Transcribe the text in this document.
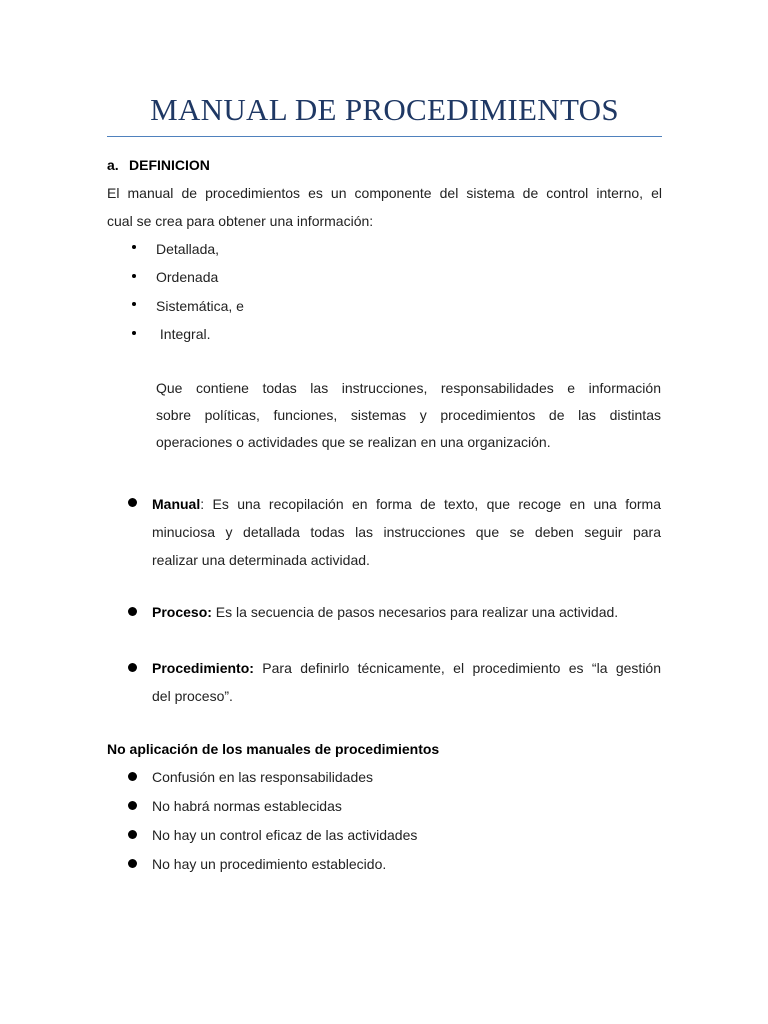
MANUAL DE PROCEDIMIENTOS
a. DEFINICION
El manual de procedimientos es un componente del sistema de control interno, el
cual se crea para obtener una información:
Detallada,
Ordenada
Sistemática, e
Integral.
Que contiene todas las instrucciones, responsabilidades e información
sobre políticas, funciones, sistemas y procedimientos de las distintas
operaciones o actividades que se realizan en una organización.
Manual: Es una recopilación en forma de texto, que recoge en una forma
minuciosa y detallada todas las instrucciones que se deben seguir para
realizar una determinada actividad.
Proceso: Es la secuencia de pasos necesarios para realizar una actividad.
Procedimiento: Para definirlo técnicamente, el procedimiento es “la gestión
del proceso”.
No aplicación de los manuales de procedimientos
Confusión en las responsabilidades
No habrá normas establecidas
No hay un control eficaz de las actividades
No hay un procedimiento establecido.
